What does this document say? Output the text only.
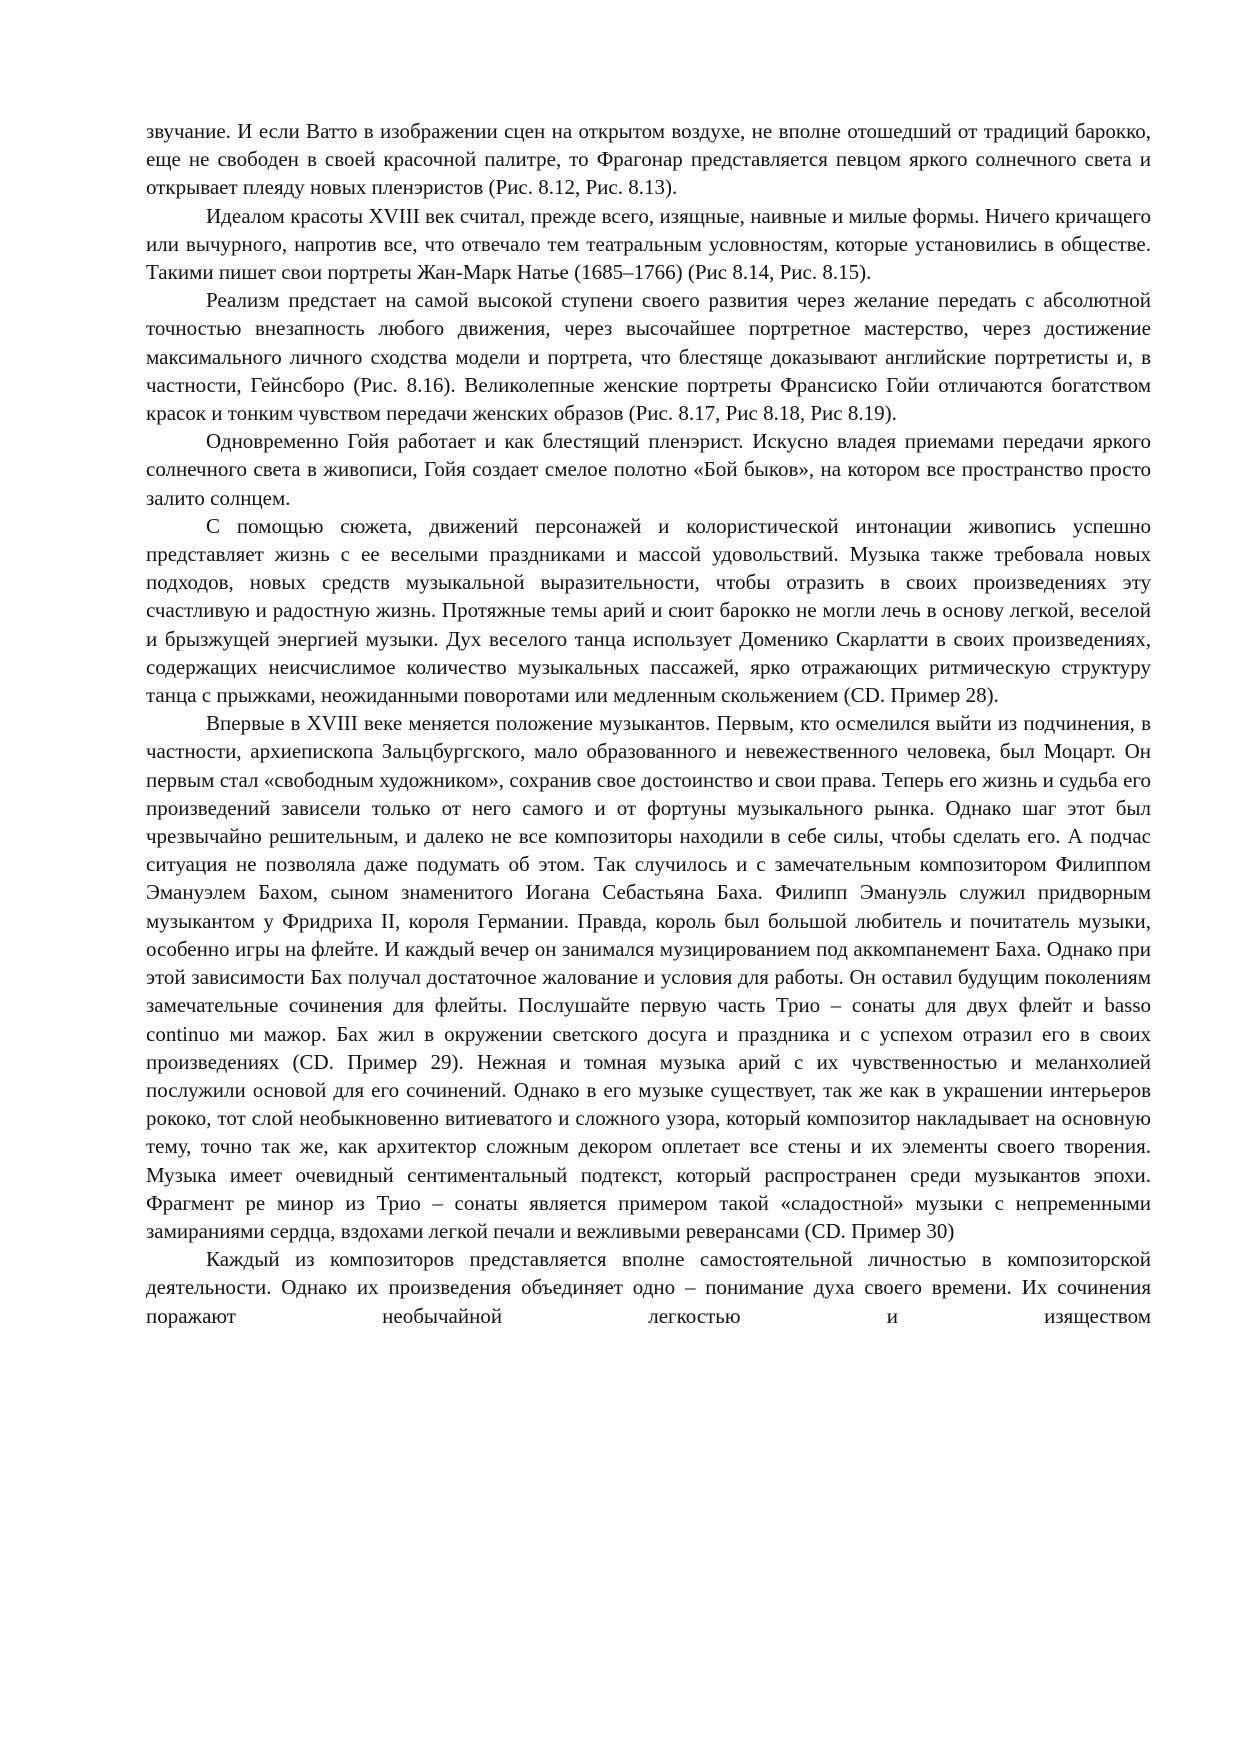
звучание. И если Ватто в изображении сцен на открытом воздухе, не вполне отошедший от традиций барокко, еще не свободен в своей красочной палитре, то Фрагонар представляется певцом яркого солнечного света и открывает плеяду новых пленэристов (Рис. 8.12, Рис. 8.13).

Идеалом красоты XVIII век считал, прежде всего, изящные, наивные и милые формы. Ничего кричащего или вычурного, напротив все, что отвечало тем театральным условностям, которые установились в обществе. Такими пишет свои портреты Жан-Марк Натье (1685–1766) (Рис 8.14, Рис. 8.15).

Реализм предстает на самой высокой ступени своего развития через желание передать с абсолютной точностью внезапность любого движения, через высочайшее портретное мастерство, через достижение максимального личного сходства модели и портрета, что блестяще доказывают английские портретисты и, в частности, Гейнсборо (Рис. 8.16). Великолепные женские портреты Франсиско Гойи отличаются богатством красок и тонким чувством передачи женских образов (Рис. 8.17, Рис 8.18, Рис 8.19).

Одновременно Гойя работает и как блестящий пленэрист. Искусно владея приемами передачи яркого солнечного света в живописи, Гойя создает смелое полотно «Бой быков», на котором все пространство просто залито солнцем.

С помощью сюжета, движений персонажей и колористической интонации живопись успешно представляет жизнь с ее веселыми праздниками и массой удовольствий. Музыка также требовала новых подходов, новых средств музыкальной выразительности, чтобы отразить в своих произведениях эту счастливую и радостную жизнь. Протяжные темы арий и сюит барокко не могли лечь в основу легкой, веселой и брызжущей энергией музыки. Дух веселого танца использует Доменико Скарлатти в своих произведениях, содержащих неисчислимое количество музыкальных пассажей, ярко отражающих ритмическую структуру танца с прыжками, неожиданными поворотами или медленным скольжением (CD. Пример 28).

Впервые в XVIII веке меняется положение музыкантов. Первым, кто осмелился выйти из подчинения, в частности, архиепископа Зальцбургского, мало образованного и невежественного человека, был Моцарт. Он первым стал «свободным художником», сохранив свое достоинство и свои права. Теперь его жизнь и судьба его произведений зависели только от него самого и от фортуны музыкального рынка. Однако шаг этот был чрезвычайно решительным, и далеко не все композиторы находили в себе силы, чтобы сделать его. А подчас ситуация не позволяла даже подумать об этом. Так случилось и с замечательным композитором Филиппом Эмануэлем Бахом, сыном знаменитого Иогана Себастьяна Баха. Филипп Эмануэль служил придворным музыкантом у Фридриха II, короля Германии. Правда, король был большой любитель и почитатель музыки, особенно игры на флейте. И каждый вечер он занимался музицированием под аккомпанемент Баха. Однако при этой зависимости Бах получал достаточное жалование и условия для работы. Он оставил будущим поколениям замечательные сочинения для флейты. Послушайте первую часть Трио – сонаты для двух флейт и basso continuo ми мажор. Бах жил в окружении светского досуга и праздника и с успехом отразил его в своих произведениях (CD. Пример 29). Нежная и томная музыка арий с их чувственностью и меланхолией послужили основой для его сочинений. Однако в его музыке существует, так же как в украшении интерьеров рококо, тот слой необыкновенно витиеватого и сложного узора, который композитор накладывает на основную тему, точно так же, как архитектор сложным декором оплетает все стены и их элементы своего творения. Музыка имеет очевидный сентиментальный подтекст, который распространен среди музыкантов эпохи. Фрагмент ре минор из Трио – сонаты является примером такой «сладостной» музыки с непременными замираниями сердца, вздохами легкой печали и вежливыми реверансами (CD. Пример 30)

Каждый из композиторов представляется вполне самостоятельной личностью в композиторской деятельности. Однако их произведения объединяет одно – понимание духа своего времени. Их сочинения поражают необычайной легкостью и изяществом
